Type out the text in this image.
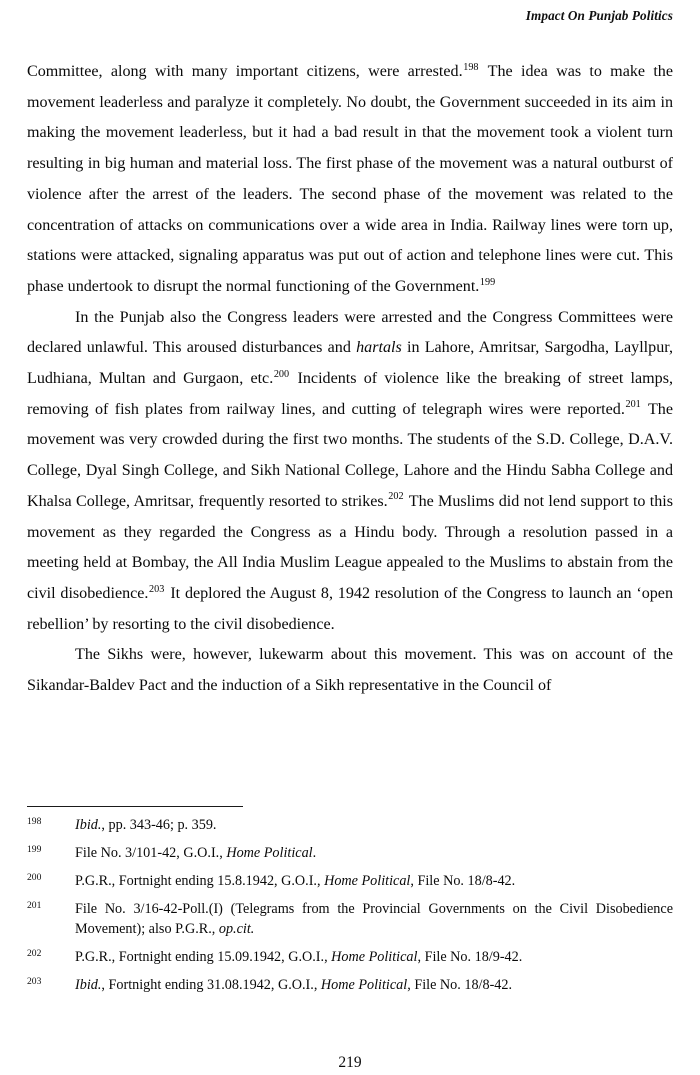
Impact On Punjab Politics

Committee, along with many important citizens, were arrested.$^{198}$ The idea was to make the movement leaderless and paralyze it completely. No doubt, the Government succeeded in its aim in making the movement leaderless, but it had a bad result in that the movement took a violent turn resulting in big human and material loss. The first phase of the movement was a natural outburst of violence after the arrest of the leaders. The second phase of the movement was related to the concentration of attacks on communications over a wide area in India. Railway lines were torn up, stations were attacked, signaling apparatus was put out of action and telephone lines were cut. This phase undertook to disrupt the normal functioning of the Government.$^{199}$

In the Punjab also the Congress leaders were arrested and the Congress Committees were declared unlawful. This aroused disturbances and hartals in Lahore, Amritsar, Sargodha, Layllpur, Ludhiana, Multan and Gurgaon, etc.$^{200}$ Incidents of violence like the breaking of street lamps, removing of fish plates from railway lines, and cutting of telegraph wires were reported.$^{201}$ The movement was very crowded during the first two months. The students of the S.D. College, D.A.V. College, Dyal Singh College, and Sikh National College, Lahore and the Hindu Sabha College and Khalsa College, Amritsar, frequently resorted to strikes.$^{202}$ The Muslims did not lend support to this movement as they regarded the Congress as a Hindu body. Through a resolution passed in a meeting held at Bombay, the All India Muslim League appealed to the Muslims to abstain from the civil disobedience.$^{203}$ It deplored the August 8, 1942 resolution of the Congress to launch an ‘open rebellion’ by resorting to the civil disobedience.

The Sikhs were, however, lukewarm about this movement. This was on account of the Sikandar-Baldev Pact and the induction of a Sikh representative in the Council of

198 Ibid., pp. 343-46; p. 359.
199 File No. 3/101-42, G.O.I., Home Political.
200 P.G.R., Fortnight ending 15.8.1942, G.O.I., Home Political, File No. 18/8-42.
201 File No. 3/16-42-Poll.(I) (Telegrams from the Provincial Governments on the Civil Disobedience Movement); also P.G.R., op.cit.
202 P.G.R., Fortnight ending 15.09.1942, G.O.I., Home Political, File No. 18/9-42.
203 Ibid., Fortnight ending 31.08.1942, G.O.I., Home Political, File No. 18/8-42.
219
